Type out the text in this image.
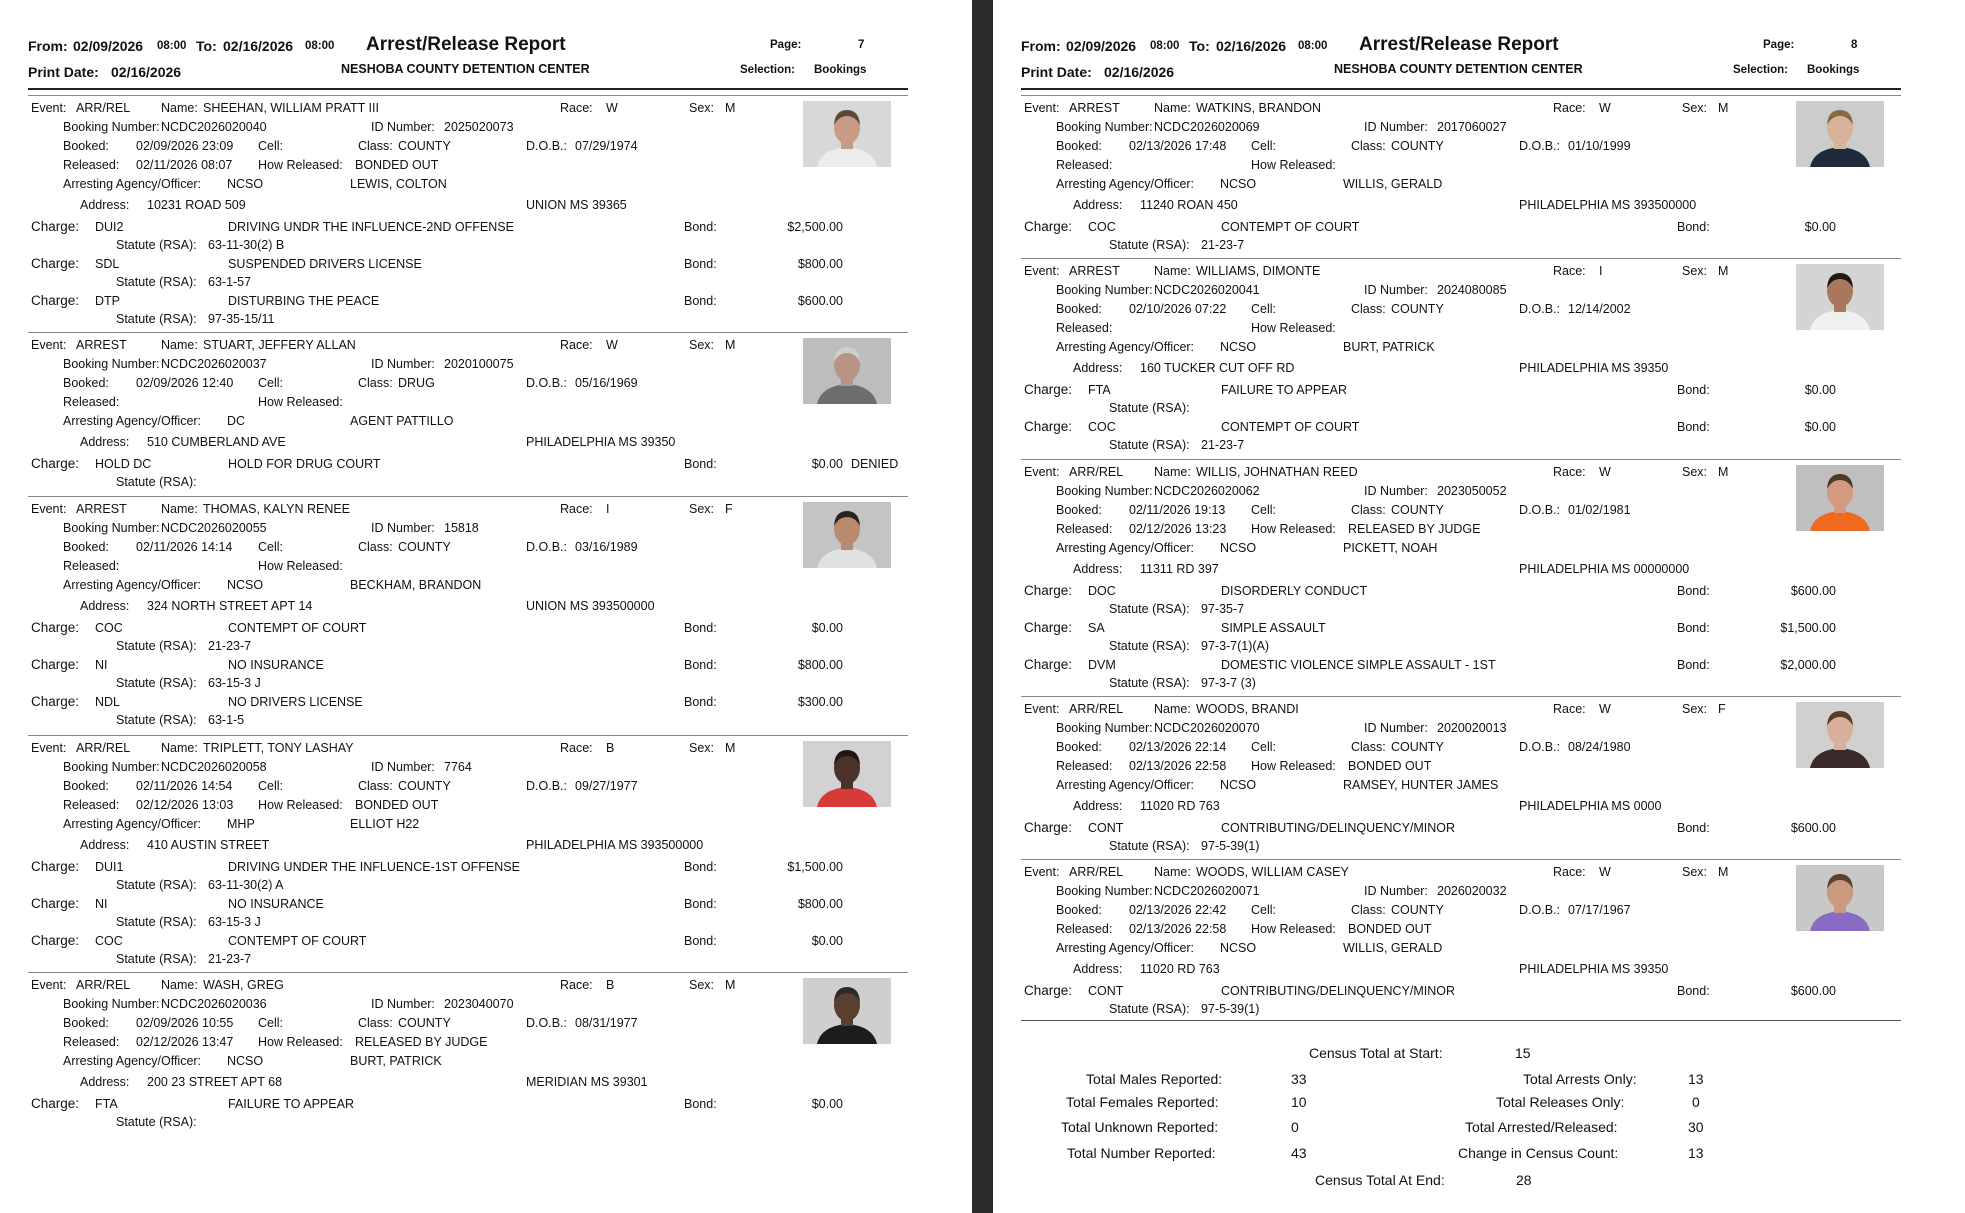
From: 02/09/2026 08:00 To: 02/16/2026 08:00 Arrest/Release Report	Page:	7
Print Date: 02/16/2026	NESHOBA COUNTY DETENTION CENTER	Selection: Bookings
Event: ARR/REL Name: SHEEHAN, WILLIAM PRATT III	Race: W	Sex: M
Booking Number: NCDC2026020040	ID Number: 2025020073
Booked: 02/09/2026 23:09 Cell:	Class: COUNTY	D.O.B.: 07/29/1974
Released: 02/11/2026 08:07 How Released: BONDED OUT
Arresting Agency/Officer: NCSO	LEWIS, COLTON
Address: 10231 ROAD 509	UNION MS 39365
Charge: DUI2	DRIVING UNDR THE INFLUENCE-2ND OFFENSE	Bond:	$2,500.00
Statute (RSA): 63-11-30(2) B
Charge: SDL	SUSPENDED DRIVERS LICENSE	Bond:	$800.00
Statute (RSA): 63-1-57
Charge: DTP	DISTURBING THE PEACE	Bond:	$600.00
Statute (RSA): 97-35-15/11
Event: ARREST	Name: STUART, JEFFERY ALLAN	Race: W	Sex: M
Booking Number: NCDC2026020037	ID Number: 2020100075
Booked: 02/09/2026 12:40 Cell:	Class: DRUG	D.O.B.: 05/16/1969
Released:	How Released:
Arresting Agency/Officer: DC	AGENT PATTILLO
Address: 510 CUMBERLAND AVE	PHILADELPHIA MS 39350
Charge: HOLD DC	HOLD FOR DRUG COURT	Bond:	$0.00 DENIED
Statute (RSA):
Event: ARREST	Name: THOMAS, KALYN RENEE	Race: I	Sex: F
Booking Number: NCDC2026020055	ID Number: 15818
Booked: 02/11/2026 14:14 Cell:	Class: COUNTY	D.O.B.: 03/16/1989
Released:	How Released:
Arresting Agency/Officer: NCSO	BECKHAM, BRANDON
Address: 324 NORTH STREET APT 14	UNION MS 393500000
Charge: COC	CONTEMPT OF COURT	Bond:	$0.00
Statute (RSA): 21-23-7
Charge: NI	NO INSURANCE	Bond:	$800.00
Statute (RSA): 63-15-3 J
Charge: NDL	NO DRIVERS LICENSE	Bond:	$300.00
Statute (RSA): 63-1-5
Event: ARR/REL Name: TRIPLETT, TONY LASHAY	Race: B	Sex: M
Booking Number: NCDC2026020058	ID Number: 7764
Booked: 02/11/2026 14:54 Cell:	Class: COUNTY	D.O.B.: 09/27/1977
Released: 02/12/2026 13:03 How Released: BONDED OUT
Arresting Agency/Officer: MHP	ELLIOT H22
Address: 410 AUSTIN STREET	PHILADELPHIA MS 393500000
Charge: DUI1	DRIVING UNDER THE INFLUENCE-1ST OFFENSE	Bond:	$1,500.00
Statute (RSA): 63-11-30(2) A
Charge: NI	NO INSURANCE	Bond:	$800.00
Statute (RSA): 63-15-3 J
Charge: COC	CONTEMPT OF COURT	Bond:	$0.00
Statute (RSA): 21-23-7
Event: ARR/REL Name: WASH, GREG	Race: B	Sex: M
Booking Number: NCDC2026020036	ID Number: 2023040070
Booked: 02/09/2026 10:55 Cell:	Class: COUNTY	D.O.B.: 08/31/1977
Released: 02/12/2026 13:47 How Released: RELEASED BY JUDGE
Arresting Agency/Officer: NCSO	BURT, PATRICK
Address: 200 23 STREET APT 68	MERIDIAN MS 39301
Charge: FTA	FAILURE TO APPEAR	Bond:	$0.00
Statute (RSA):
From: 02/09/2026 08:00 To: 02/16/2026 08:00 Arrest/Release Report	Page:	8
Print Date: 02/16/2026	NESHOBA COUNTY DETENTION CENTER	Selection: Bookings
Event: ARREST	Name: WATKINS, BRANDON	Race: W	Sex: M
Booking Number: NCDC2026020069	ID Number: 2017060027
Booked: 02/13/2026 17:48 Cell:	Class: COUNTY	D.O.B.: 01/10/1999
Released:	How Released:
Arresting Agency/Officer: NCSO	WILLIS, GERALD
Address: 11240 ROAN 450	PHILADELPHIA MS 393500000
Charge: COC	CONTEMPT OF COURT	Bond:	$0.00
Statute (RSA): 21-23-7
Event: ARREST	Name: WILLIAMS, DIMONTE	Race: I	Sex: M
Booking Number: NCDC2026020041	ID Number: 2024080085
Booked: 02/10/2026 07:22 Cell:	Class: COUNTY	D.O.B.: 12/14/2002
Released:	How Released:
Arresting Agency/Officer: NCSO	BURT, PATRICK
Address: 160 TUCKER CUT OFF RD	PHILADELPHIA MS 39350
Charge: FTA	FAILURE TO APPEAR	Bond:	$0.00
Statute (RSA):
Charge: COC	CONTEMPT OF COURT	Bond:	$0.00
Statute (RSA): 21-23-7
Event: ARR/REL Name: WILLIS, JOHNATHAN REED	Race: W	Sex: M
Booking Number: NCDC2026020062	ID Number: 2023050052
Booked: 02/11/2026 19:13 Cell:	Class: COUNTY	D.O.B.: 01/02/1981
Released: 02/12/2026 13:23 How Released: RELEASED BY JUDGE
Arresting Agency/Officer: NCSO	PICKETT, NOAH
Address: 11311 RD 397	PHILADELPHIA MS 00000000
Charge: DOC	DISORDERLY CONDUCT	Bond:	$600.00
Statute (RSA): 97-35-7
Charge: SA	SIMPLE ASSAULT	Bond:	$1,500.00
Statute (RSA): 97-3-7(1)(A)
Charge: DVM	DOMESTIC VIOLENCE SIMPLE ASSAULT - 1ST	Bond:	$2,000.00
Statute (RSA): 97-3-7 (3)
Event: ARR/REL Name: WOODS, BRANDI	Race: W	Sex: F
Booking Number: NCDC2026020070	ID Number: 2020020013
Booked: 02/13/2026 22:14 Cell:	Class: COUNTY	D.O.B.: 08/24/1980
Released: 02/13/2026 22:58 How Released: BONDED OUT
Arresting Agency/Officer: NCSO	RAMSEY, HUNTER JAMES
Address: 11020 RD 763	PHILADELPHIA MS 0000
Charge: CONT	CONTRIBUTING/DELINQUENCY/MINOR	Bond:	$600.00
Statute (RSA): 97-5-39(1)
Event: ARR/REL Name: WOODS, WILLIAM CASEY	Race: W	Sex: M
Booking Number: NCDC2026020071	ID Number: 2026020032
Booked: 02/13/2026 22:42 Cell:	Class: COUNTY	D.O.B.: 07/17/1967
Released: 02/13/2026 22:58 How Released: BONDED OUT
Arresting Agency/Officer: NCSO	WILLIS, GERALD
Address: 11020 RD 763	PHILADELPHIA MS 39350
Charge: CONT	CONTRIBUTING/DELINQUENCY/MINOR	Bond:	$600.00
Statute (RSA): 97-5-39(1)
Census Total at Start:	15
Total Males Reported:	33
Total Females Reported:	10
Total Unknown Reported:	0
Total Number Reported:	43
Total Arrests Only:	13
Total Releases Only:	0
Total Arrested/Released:	30
Change in Census Count:	13
Census Total At End:	28
